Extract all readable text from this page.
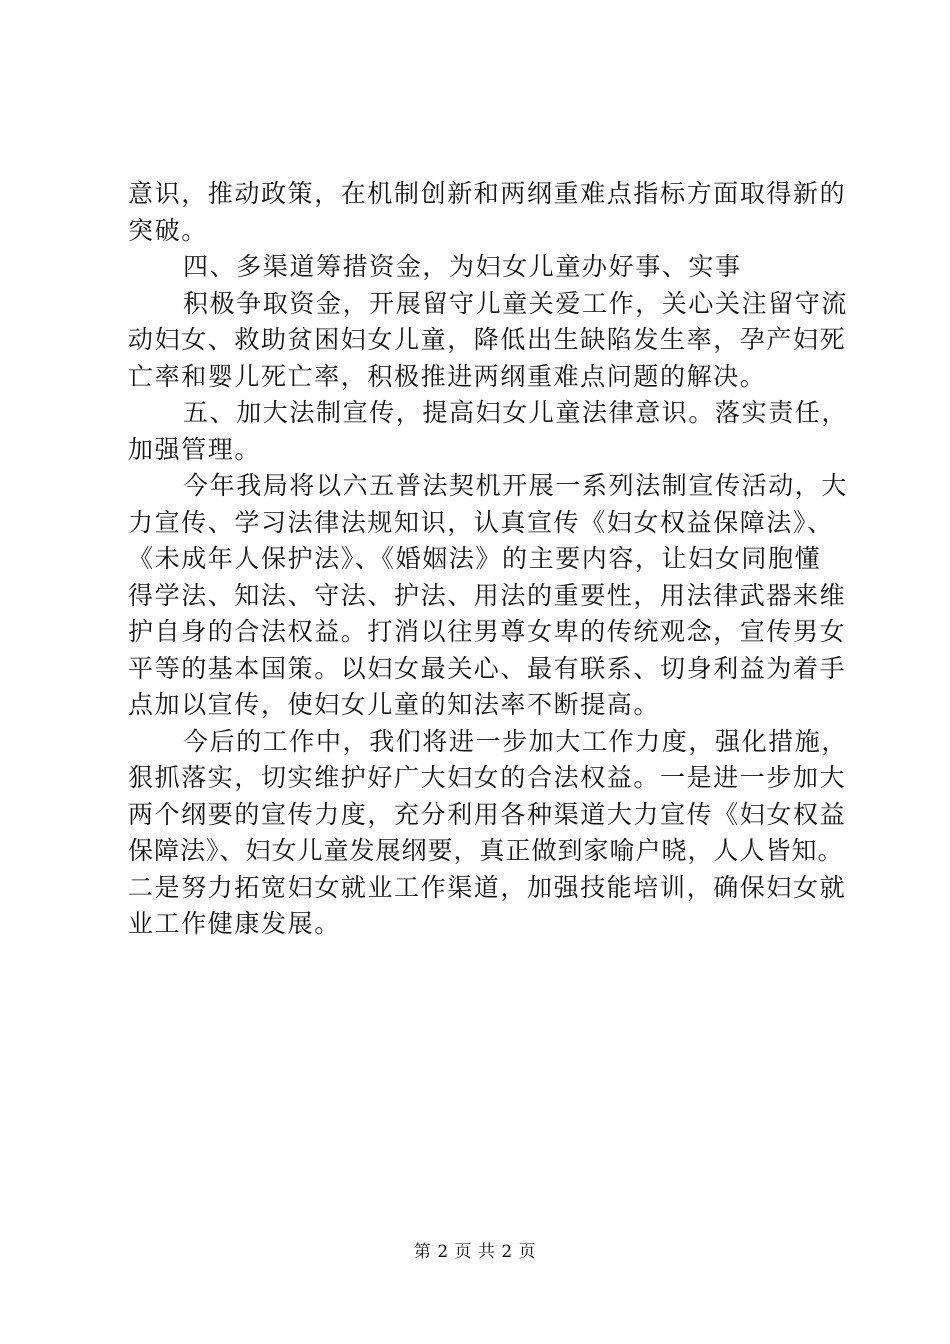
意识，推动政策，在机制创新和两纲重难点指标方面取得新的
突破。
四、多渠道筹措资金，为妇女儿童办好事、实事
积极争取资金，开展留守儿童关爱工作，关心关注留守流
动妇女、救助贫困妇女儿童，降低出生缺陷发生率，孕产妇死
亡率和婴儿死亡率，积极推进两纲重难点问题的解决。
五、加大法制宣传，提高妇女儿童法律意识。落实责任，
加强管理。
今年我局将以六五普法契机开展一系列法制宣传活动，大
力宣传、学习法律法规知识，认真宣传《妇女权益保障法》、
《未成年人保护法》、《婚姻法》的主要内容，让妇女同胞懂
得学法、知法、守法、护法、用法的重要性，用法律武器来维
护自身的合法权益。打消以往男尊女卑的传统观念，宣传男女
平等的基本国策。以妇女最关心、最有联系、切身利益为着手
点加以宣传，使妇女儿童的知法率不断提高。
今后的工作中，我们将进一步加大工作力度，强化措施，
狠抓落实，切实维护好广大妇女的合法权益。一是进一步加大
两个纲要的宣传力度，充分利用各种渠道大力宣传《妇女权益
保障法》、妇女儿童发展纲要，真正做到家喻户晓，人人皆知。
二是努力拓宽妇女就业工作渠道，加强技能培训，确保妇女就
业工作健康发展。
第 2 页 共 2 页
